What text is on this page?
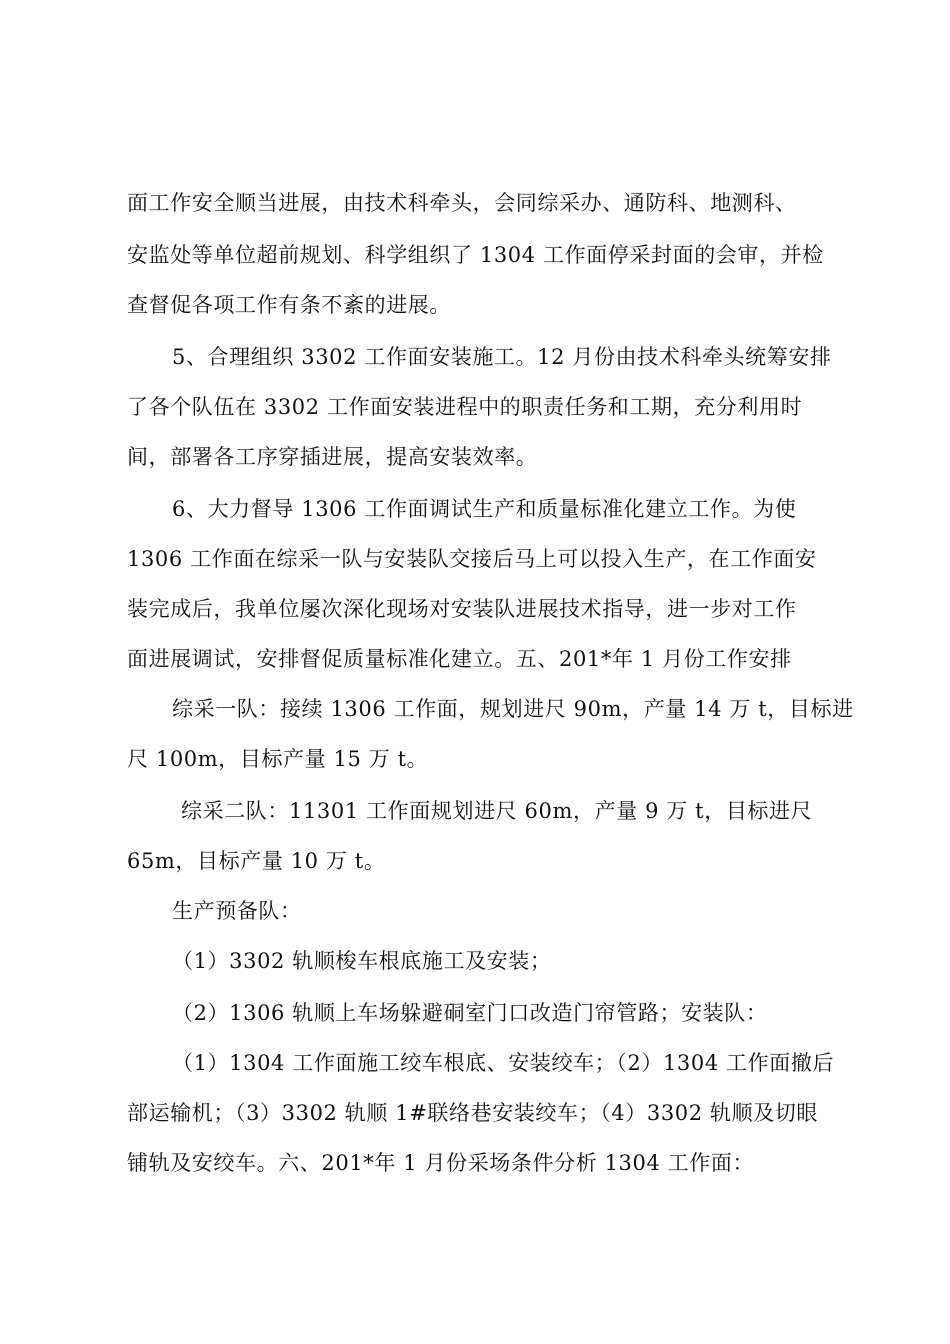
面工作安全顺当进展，由技术科牵头，会同综采办、通防科、地测科、
安监处等单位超前规划、科学组织了 1304 工作面停采封面的会审，并检
查督促各项工作有条不紊的进展。
5、合理组织 3302 工作面安装施工。12 月份由技术科牵头统筹安排
了各个队伍在 3302 工作面安装进程中的职责任务和工期，充分利用时
间，部署各工序穿插进展，提高安装效率。
6、大力督导 1306 工作面调试生产和质量标准化建立工作。为使
1306 工作面在综采一队与安装队交接后马上可以投入生产，在工作面安
装完成后，我单位屡次深化现场对安装队进展技术指导，进一步对工作
面进展调试，安排督促质量标准化建立。五、201*年 1 月份工作安排
综采一队：接续 1306 工作面，规划进尺 90m，产量 14 万 t，目标进
尺 100m，目标产量 15 万 t。
综采二队：11301 工作面规划进尺 60m，产量 9 万 t，目标进尺
65m，目标产量 10 万 t。
生产预备队：
（1）3302 轨顺梭车根底施工及安装；
（2）1306 轨顺上车场躲避硐室门口改造门帘管路；安装队：
（1）1304 工作面施工绞车根底、安装绞车；（2）1304 工作面撤后
部运输机；（3）3302 轨顺 1#联络巷安装绞车；（4）3302 轨顺及切眼
铺轨及安绞车。六、201*年 1 月份采场条件分析 1304 工作面：
